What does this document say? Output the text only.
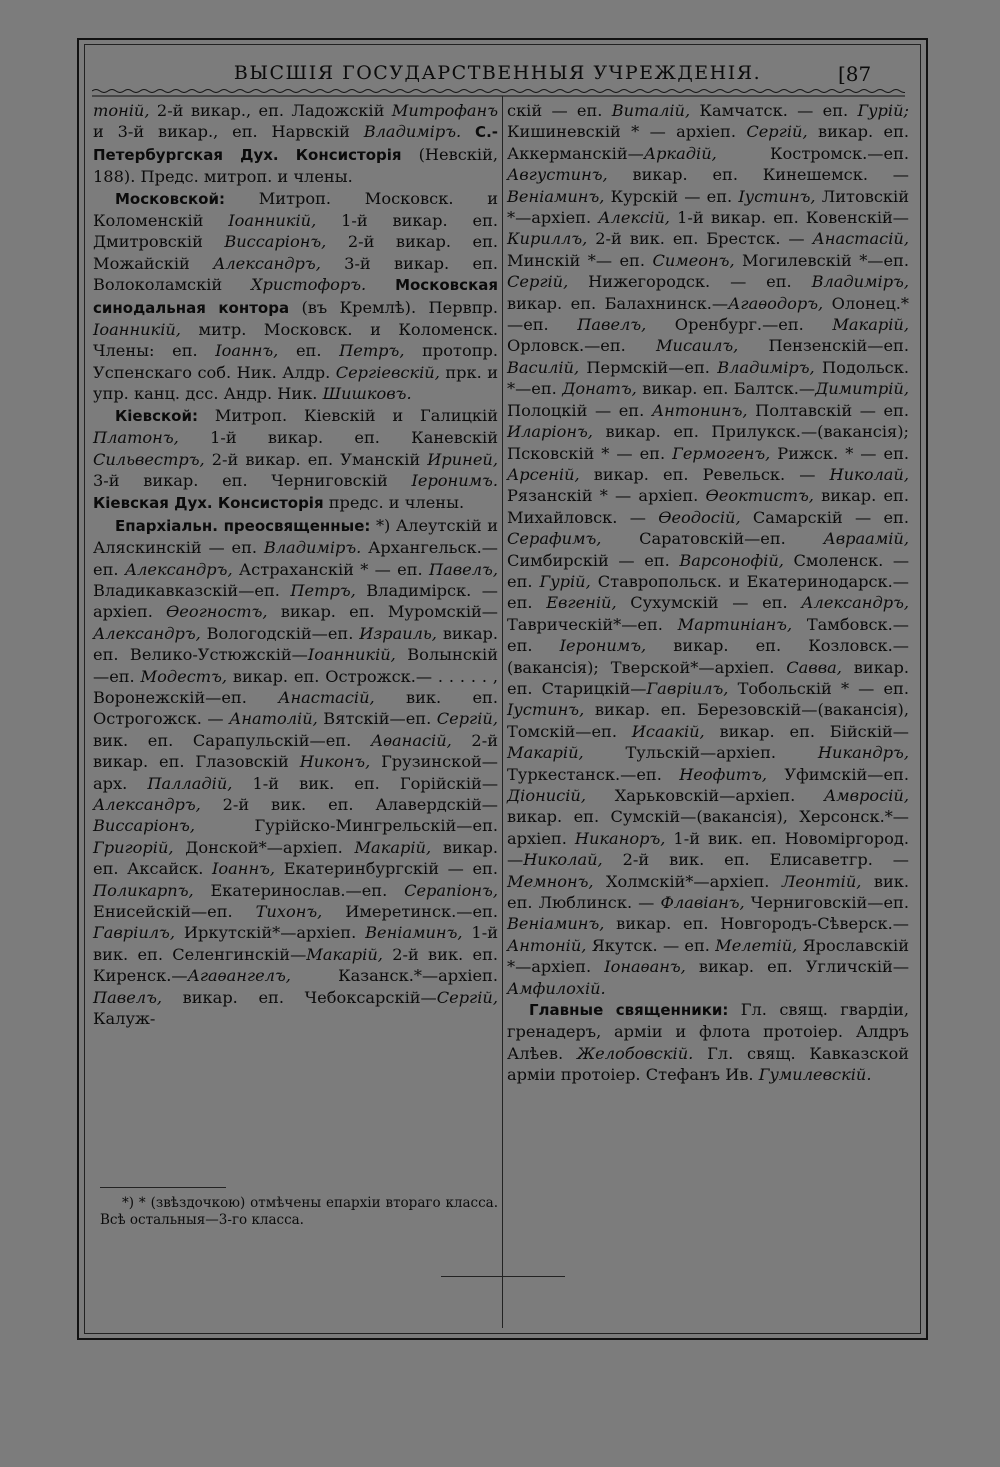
ВЫСШІЯ ГОСУДАРСТВЕННЫЯ УЧРЕЖДЕНІЯ.	[87

тоній, 2-й викар., еп. Ладожскій Митрофанъ и 3-й викар., еп. Нарвскій Владиміръ. С.-Петербургская Дух. Консисторія (Невскій, 188). Предс. митроп. и члены.

Московской: Митроп. Московск. и Коломенскій Іоанникій, 1-й викар. еп. Дмитровскій Виссаріонъ, 2-й викар. еп. Можайскій Александръ, 3-й викар. еп. Волоколамскій Христофоръ. Московская синодальная контора (въ Кремлѣ). Первпр. Іоанникій, митр. Московск. и Коломенск. Члены: еп. Іоаннъ, еп. Петръ, протопр. Успенскаго соб. Ник. Алдр. Сергіевскій, прк. и упр. канц. дсс. Андр. Ник. Шишковъ.

Кіевской: Митроп. Кіевскій и Галицкій Платонъ, 1-й викар. еп. Каневскій Сильвестръ, 2-й викар. еп. Уманскій Ириней, 3-й викар. еп. Черниговскій Іеронимъ. Кіевская Дух. Консисторія предс. и члены.

Епархіальн. преосвященные: *) Алеутскій и Аляскинскій — еп. Владиміръ. Архангельск.—еп. Александръ, Астраханскій * — еп. Павелъ, Владикавказскій—еп. Петръ, Владимірск. — архіеп. Ѳеогностъ, викар. еп. Муромскій—Александръ, Вологодскій—еп. Израиль, викар. еп. Велико-Устюжскій—Іоанникій, Волынскій—еп. Модестъ, викар. еп. Острожск.— . . . . . , Воронежскій—еп. Анастасій, вик. еп. Острогожск. — Анатолій, Вятскій—еп. Сергій, вик. еп. Сарапульскій—еп. Аѳанасій, 2-й викар. еп. Глазовскій Никонъ, Грузинской—арх. Палладій, 1-й вик. еп. Горійскій—Александръ, 2-й вик. еп. Алавердскій—Виссаріонъ, Гурійско-Мингрельскій—еп. Григорій, Донской*—архіеп. Макарій, викар. еп. Аксайск. Іоаннъ, Екатеринбургскій — еп. Поликарпъ, Екатеринослав.—еп. Серапіонъ, Енисейскій—еп. Тихонъ, Имеретинск.—еп. Гавріилъ, Иркутскій*—архіеп. Веніаминъ, 1-й вик. еп. Селенгинскій—Макарій, 2-й вик. еп. Киренск.—Агаѳангелъ, Казанск.*—архіеп. Павелъ, викар. еп. Чебоксарскій—Сергій, Калуж-

*) * (звѣздочкою) отмѣчены епархіи втораго класса. Всѣ остальныя—3-го класса.

скій — еп. Виталій, Камчатск. — еп. Гурій; Кишиневскій * — архіеп. Сергій, викар. еп. Аккерманскій—Аркадій, Костромск.—еп. Августинъ, викар. еп. Кинешемск. — Веніаминъ, Курскій — еп. Іустинъ, Литовскій *—архіеп. Алексій, 1-й викар. еп. Ковенскій—Кириллъ, 2-й вик. еп. Брестск. — Анастасій, Минскій *— еп. Симеонъ, Могилевскій *—еп. Сергій, Нижегородск. — еп. Владиміръ, викар. еп. Балахнинск.—Агаѳодоръ, Олонец.*—еп. Павелъ, Оренбург.—еп. Макарій, Орловск.—еп. Мисаилъ, Пензенскій—еп. Василій, Пермскій—еп. Владиміръ, Подольск. *—еп. Донатъ, викар. еп. Балтск.—Димитрій, Полоцкій — еп. Антонинъ, Полтавскій — еп. Иларіонъ, викар. еп. Прилукск.—(вакансія); Псковскій * — еп. Гермогенъ, Рижск. * — еп. Арсеній, викар. еп. Ревельск. — Николай, Рязанскій * — архіеп. Ѳеоктистъ, викар. еп. Михайловск. — Ѳеодосій, Самарскій — еп. Серафимъ, Саратовскій—еп. Авраамій, Симбирскій — еп. Варсонофій, Смоленск. — еп. Гурій, Ставропольск. и Екатеринодарск.—еп. Евгеній, Сухумскій — еп. Александръ, Таврическій*—еп. Мартиніанъ, Тамбовск.—еп. Іеронимъ, викар. еп. Козловск.—(вакансія); Тверской*—архіеп. Савва, викар. еп. Старицкій—Гавріилъ, Тобольскій * — еп. Іустинъ, викар. еп. Березовскій—(вакансія), Томскій—еп. Исаакій, викар. еп. Бійскій—Макарій, Тульскій—архіеп. Никандръ, Туркестанск.—еп. Неофитъ, Уфимскій—еп. Діонисій, Харьковскій—архіеп. Амвросій, викар. еп. Сумскій—(вакансія), Херсонск.*—архіеп. Никаноръ, 1-й вик. еп. Новоміргород.—Николай, 2-й вик. еп. Елисаветгр. — Мемнонъ, Холмскій*—архіеп. Леонтій, вик. еп. Люблинск. — Флавіанъ, Черниговскій—еп. Веніаминъ, викар. еп. Новгородъ-Сѣверск.—Антоній, Якутск. — еп. Мелетій, Ярославскій *—архіеп. Іонаѳанъ, викар. еп. Угличскій—Амфилохій.

Главные священники: Гл. свящ. гвардіи, гренадеръ, арміи и флота протоіер. Алдръ Алѣев. Желобовскій. Гл. свящ. Кавказской арміи протоіер. Стефанъ Ив. Гумилевскій.
